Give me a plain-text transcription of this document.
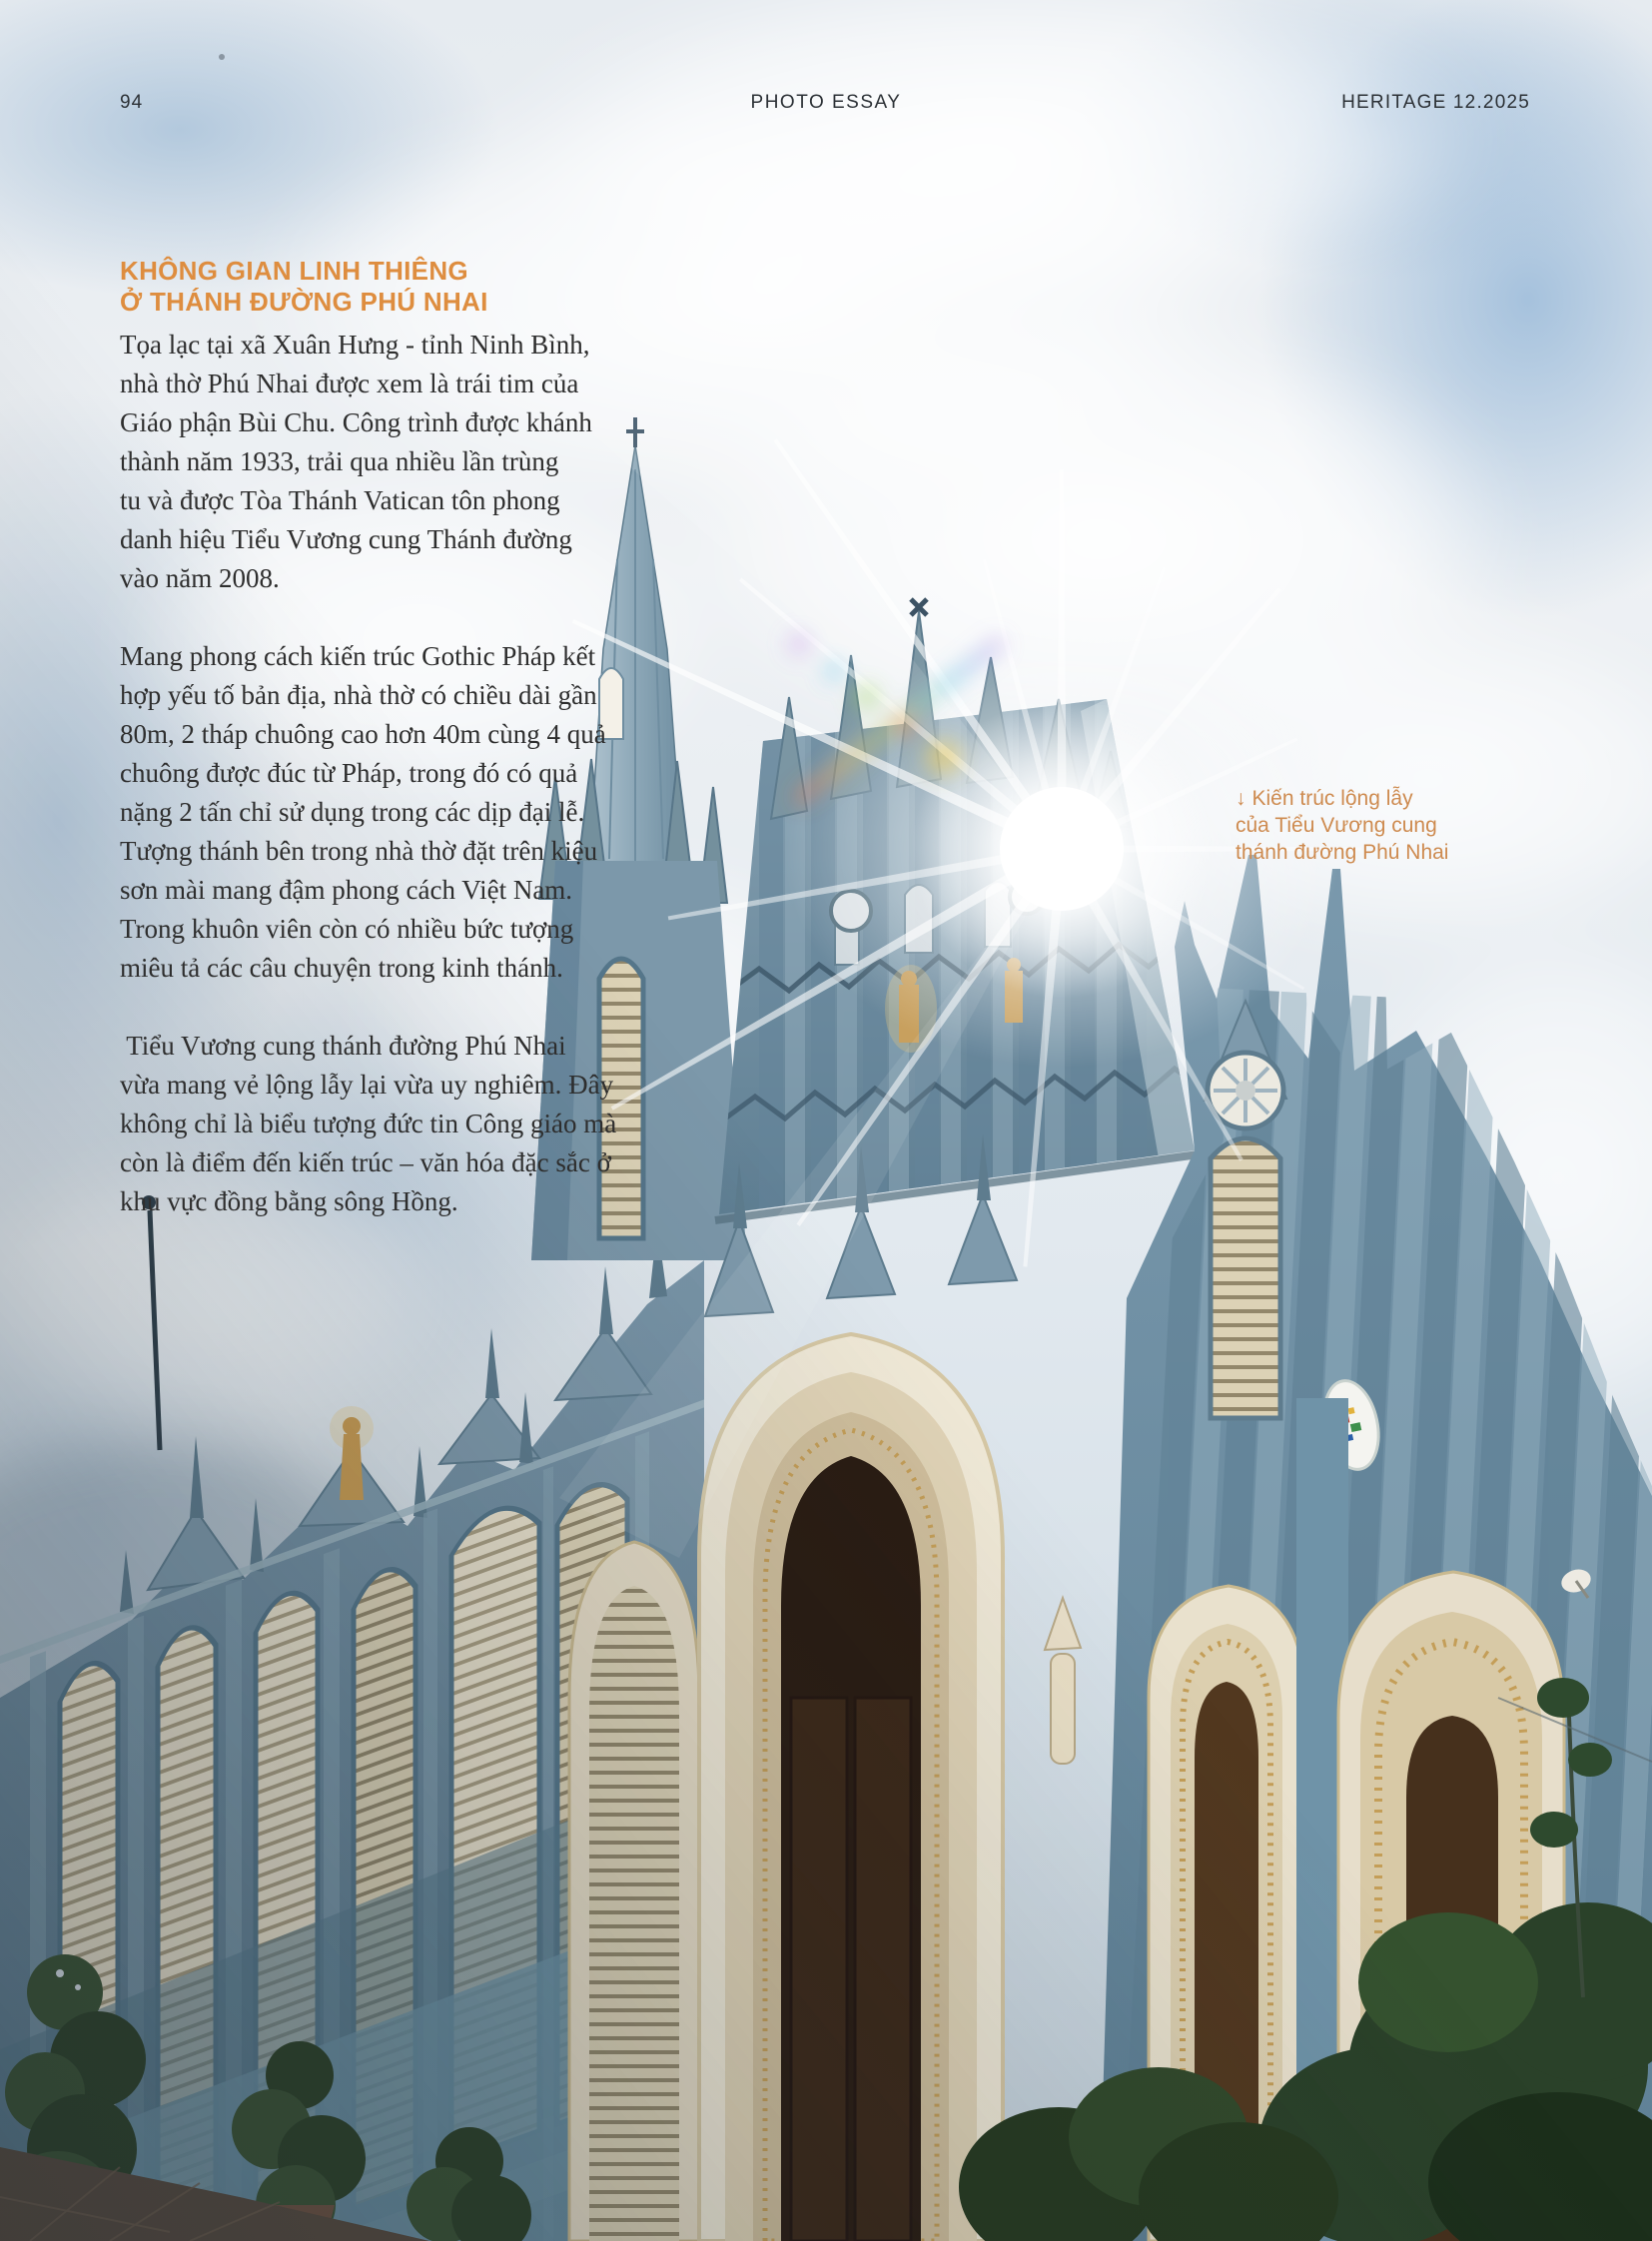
94	PHOTO ESSAY	HERITAGE 12.2025
KHÔNG GIAN LINH THIÊNG
Ở THÁNH ĐƯỜNG PHÚ NHAI
Tọa lạc tại xã Xuân Hưng - tỉnh Ninh Bình,
nhà thờ Phú Nhai được xem là trái tim của
Giáo phận Bùi Chu. Công trình được khánh
thành năm 1933, trải qua nhiều lần trùng
tu và được Tòa Thánh Vatican tôn phong
danh hiệu Tiểu Vương cung Thánh đường
vào năm 2008.
Mang phong cách kiến trúc Gothic Pháp kết
hợp yếu tố bản địa, nhà thờ có chiều dài gần
80m, 2 tháp chuông cao hơn 40m cùng 4 quả
chuông được đúc từ Pháp, trong đó có quả
nặng 2 tấn chỉ sử dụng trong các dịp đại lễ.
Tượng thánh bên trong nhà thờ đặt trên kiệu
sơn mài mang đậm phong cách Việt Nam.
Trong khuôn viên còn có nhiều bức tượng
miêu tả các câu chuyện trong kinh thánh.
Tiểu Vương cung thánh đường Phú Nhai
vừa mang vẻ lộng lẫy lại vừa uy nghiêm. Đây
không chỉ là biểu tượng đức tin Công giáo mà
còn là điểm đến kiến trúc – văn hóa đặc sắc ở
khu vực đồng bằng sông Hồng.
↓ Kiến trúc lộng lẫy
của Tiểu Vương cung
thánh đường Phú Nhai
